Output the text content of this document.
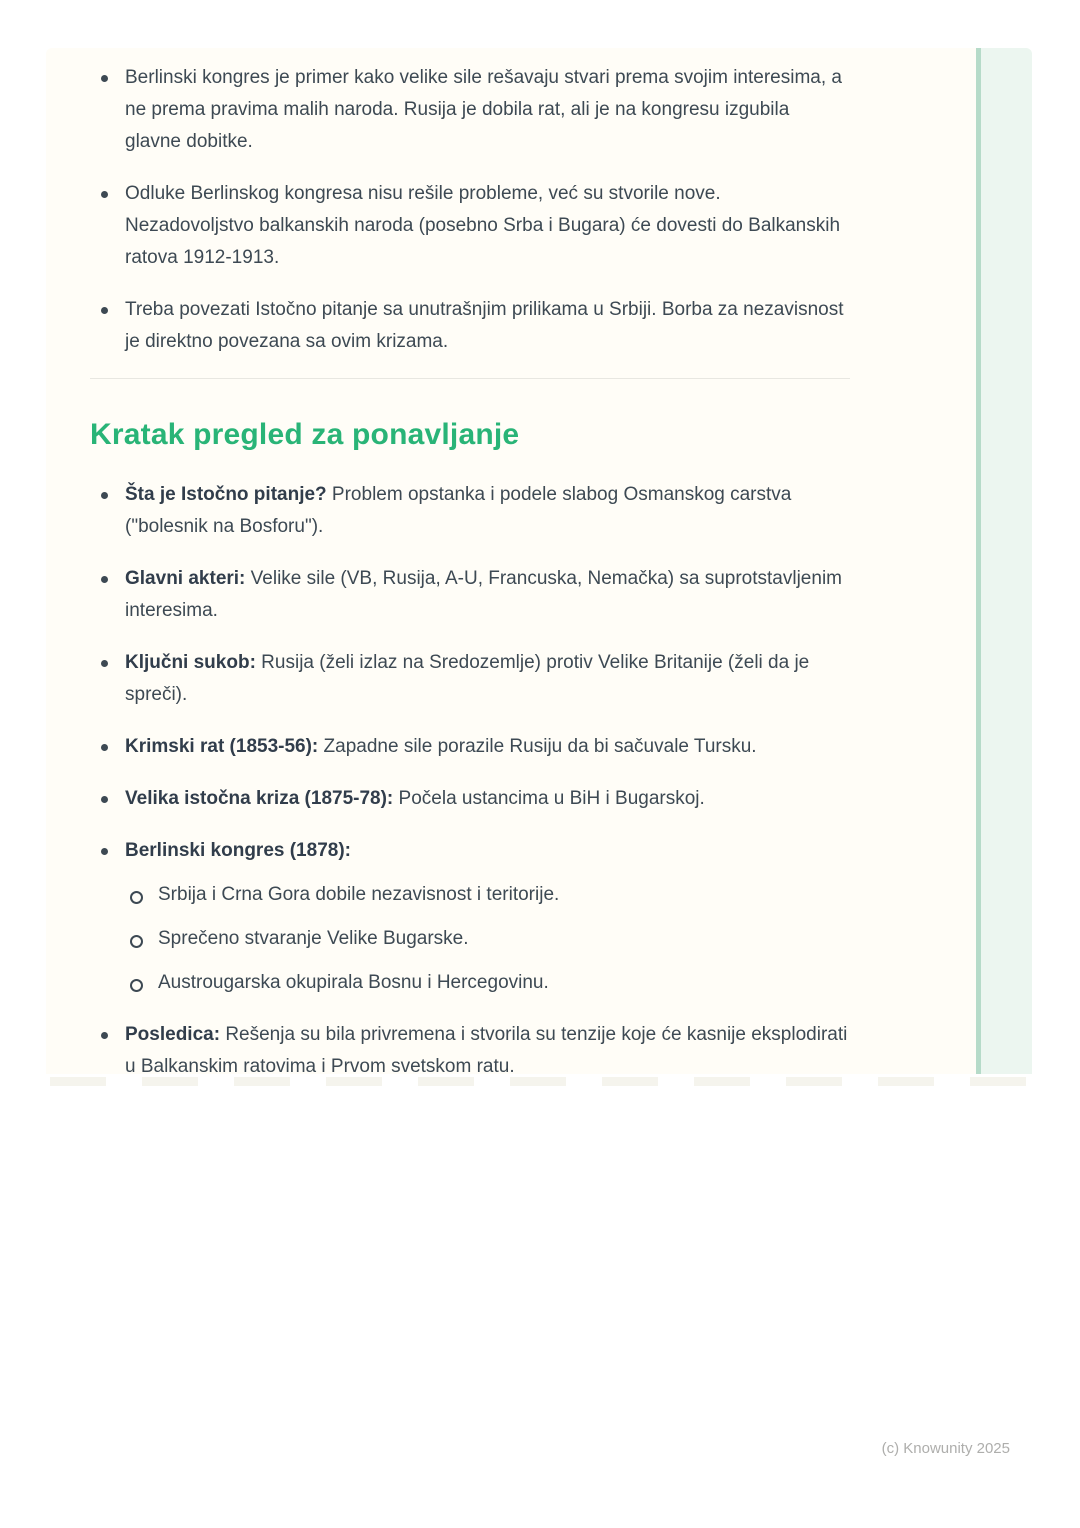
Berlinski kongres je primer kako velike sile rešavaju stvari prema svojim interesima, a ne prema pravima malih naroda. Rusija je dobila rat, ali je na kongresu izgubila glavne dobitke.
Odluke Berlinskog kongresa nisu rešile probleme, već su stvorile nove. Nezadovoljstvo balkanskih naroda (posebno Srba i Bugara) će dovesti do Balkanskih ratova 1912-1913.
Treba povezati Istočno pitanje sa unutrašnjim prilikama u Srbiji. Borba za nezavisnost je direktno povezana sa ovim krizama.
Kratak pregled za ponavljanje
Šta je Istočno pitanje? Problem opstanka i podele slabog Osmanskog carstva ("bolesnik na Bosforu").
Glavni akteri: Velike sile (VB, Rusija, A-U, Francuska, Nemačka) sa suprotstavljenim interesima.
Ključni sukob: Rusija (želi izlaz na Sredozemlje) protiv Velike Britanije (želi da je spreči).
Krimski rat (1853-56): Zapadne sile porazile Rusiju da bi sačuvale Tursku.
Velika istočna kriza (1875-78): Počela ustancima u BiH i Bugarskoj.
Berlinski kongres (1878):
Srbija i Crna Gora dobile nezavisnost i teritorije.
Sprečeno stvaranje Velike Bugarske.
Austrougarska okupirala Bosnu i Hercegovinu.
Posledica: Rešenja su bila privremena i stvorila su tenzije koje će kasnije eksplodirati u Balkanskim ratovima i Prvom svetskom ratu.
(c) Knowunity 2025
